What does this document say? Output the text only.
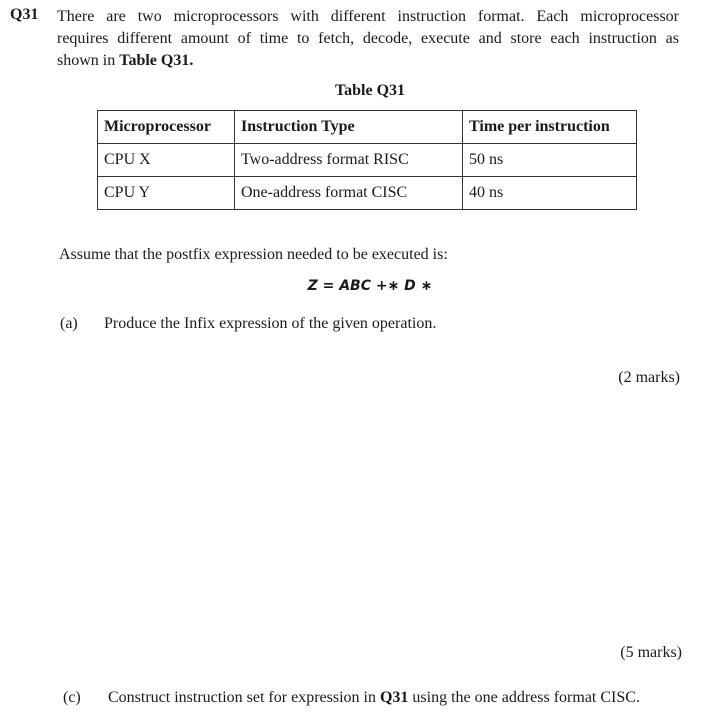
Q31 There are two microprocessors with different instruction format. Each microprocessor
requires different amount of time to fetch, decode, execute and store each instruction as
shown in Table Q31.
Table Q31
Microprocessor	Instruction Type	Time per instruction
CPU X	Two-address format RISC	50 ns
CPU Y	One-address format CISC	40 ns
Assume that the postfix expression needed to be executed is:
Z = ABC +∗ D ∗
(a) Produce the Infix expression of the given operation.
(2 marks)
(5 marks)
(c) Construct instruction set for expression in Q31 using the one address format CISC.
